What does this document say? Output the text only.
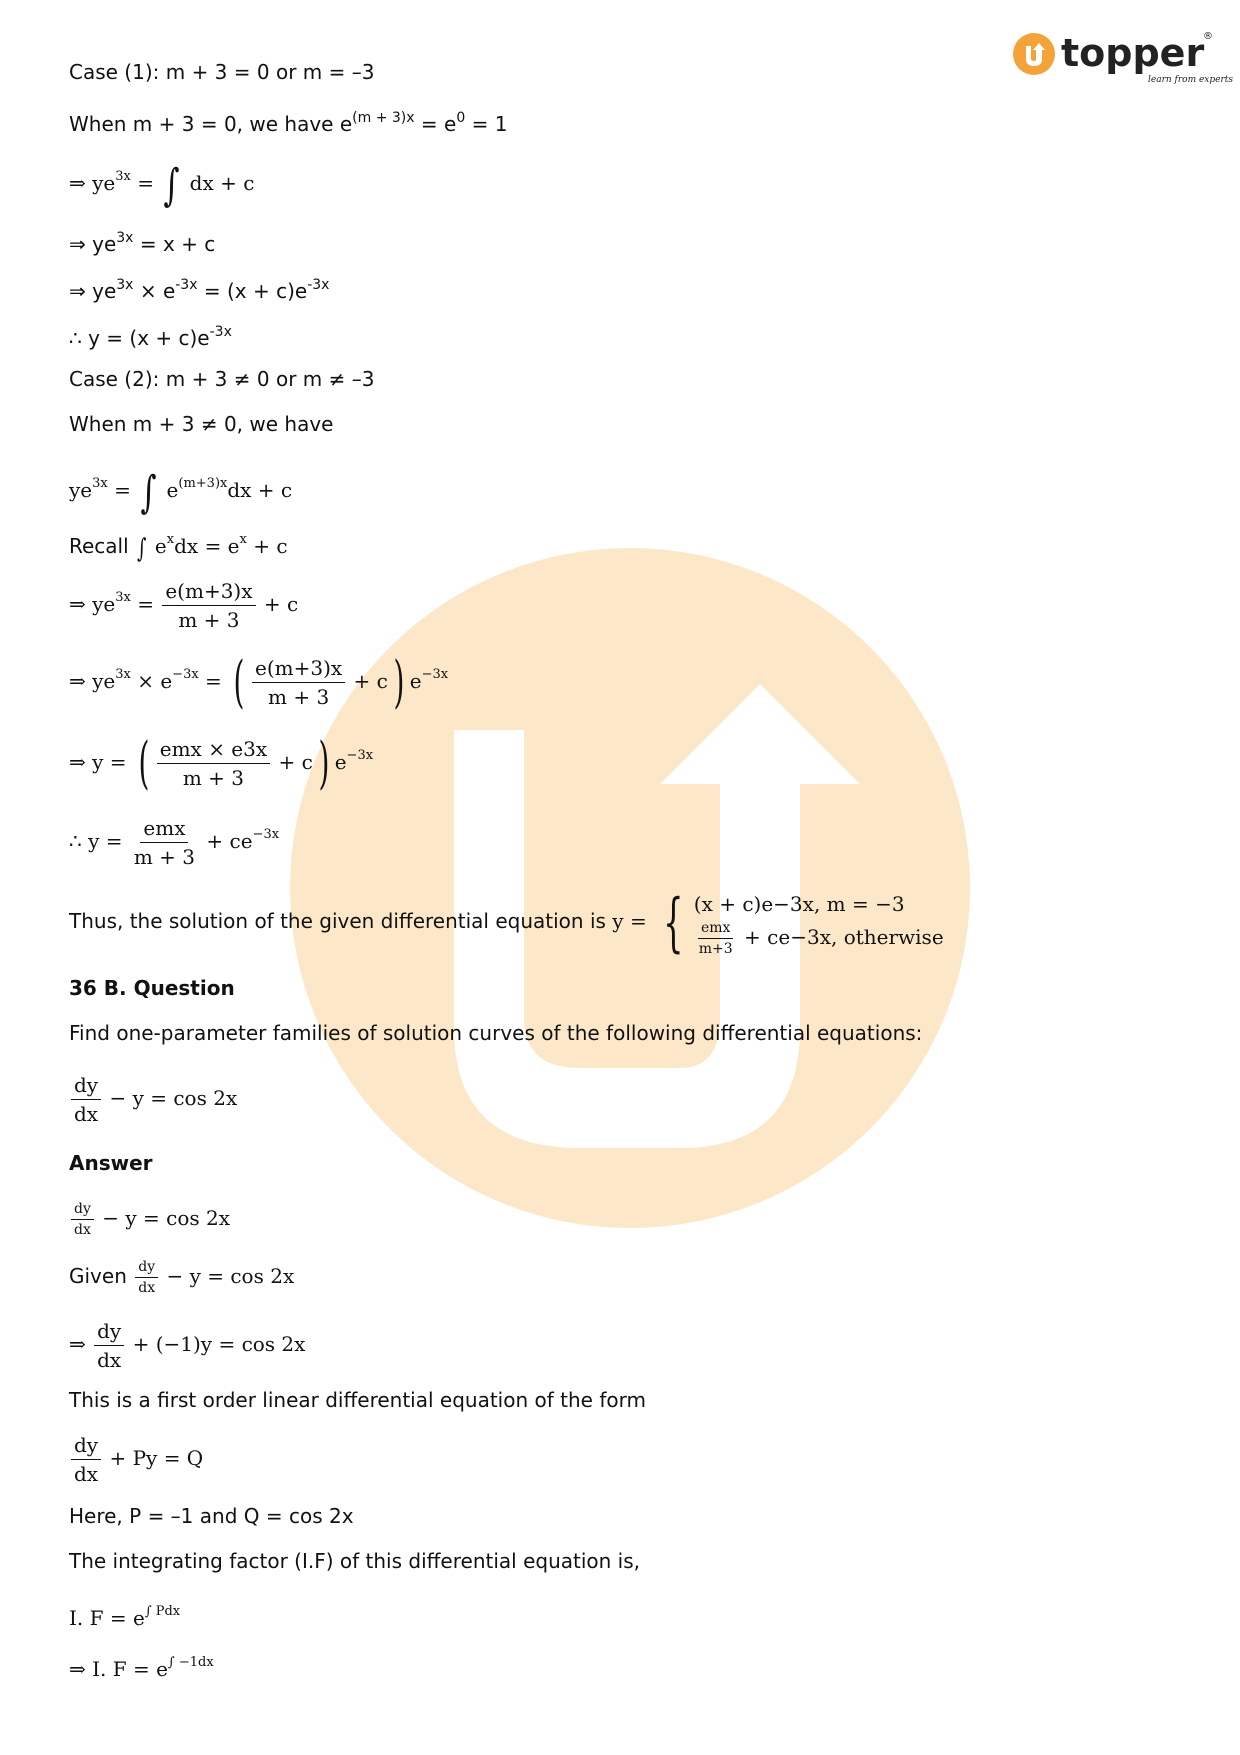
topper
®
learn from experts
Case (1): m + 3 = 0 or m = –3
When m + 3 = 0, we have $e^{(m + 3)x} = e^0 = 1$
⇒ $ye^{3x}$ = ∫ dx + c
⇒ $ye^{3x} = x + c$
⇒ $ye^{3x} \times e^{-3x} = (x + c)e^{-3x}$
∴ $y = (x + c)e^{-3x}$
Case (2): m + 3 ≠ 0 or m ≠ –3
When m + 3 ≠ 0, we have
$ye^{3x}$ = ∫ $e^{(m+3)x}dx + c$
Recall ∫ $e^xdx = e^x + c$
⇒ $ye^{3x} = \frac{e(m+3)x}{m + 3} + c$
⇒ $ye^{3x} \times e^{-3x}$ = ( $\frac{e(m+3)x}{m + 3} + c$) $e^{-3x}$
⇒ y = ( $\frac{\text{emx × e3x}}{m + 3} + c$) $e^{-3x}$
∴ $y = \frac{\text{emx}}{m + 3} + ce^{-3x}$
Thus, the solution of the given differential equation is y = { (x + c)e−3x, m = −3
$\frac{\text{emx}}{m+3} + ce-3x$, otherwise
36 B. Question
Find one-parameter families of solution curves of the following differential equations:
$\frac{dy}{dx} - y = \cos 2x$
Answer
$\frac{dy}{dx} - y = \cos 2x$
Given $\frac{dy}{dx} - y = \cos 2x$
⇒ $\frac{dy}{dx} + (-1)y = \cos 2x$
This is a first order linear differential equation of the form
$\frac{dy}{dx} + Py = Q$
Here, P = –1 and Q = cos 2x
The integrating factor (I.F) of this differential equation is,
I. $F = e^{\int Pdx}$
⇒ I. $F = e^{\int -1dx}$
